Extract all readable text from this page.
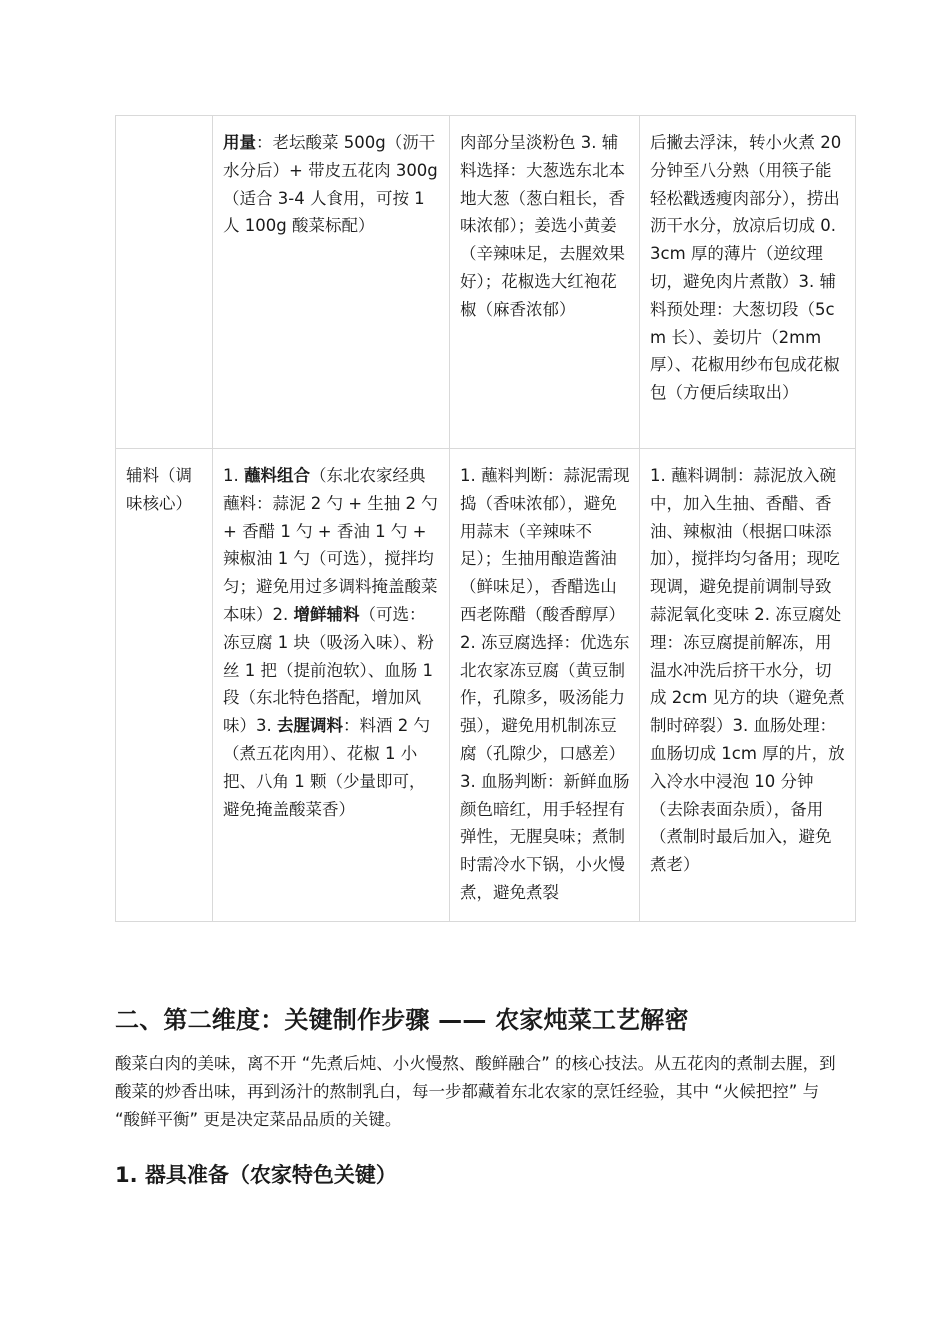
	用量：老坛酸菜 500g（沥干水分后）+ 带皮五花肉 300g（适合 3-4 人食用，可按 1 人 100g 酸菜标配）	肉部分呈淡粉色 3. 辅料选择：大葱选东北本地大葱（葱白粗长，香味浓郁）；姜选小黄姜（辛辣味足，去腥效果好）；花椒选大红袍花椒（麻香浓郁）	后撇去浮沫，转小火煮 20 分钟至八分熟（用筷子能轻松戳透瘦肉部分），捞出沥干水分，放凉后切成 0.3cm 厚的薄片（逆纹理切，避免肉片煮散）3. 辅料预处理：大葱切段（5cm 长）、姜切片（2mm 厚）、花椒用纱布包成花椒包（方便后续取出）
辅料（调味核心）	1. 蘸料组合（东北农家经典蘸料：蒜泥 2 勺 + 生抽 2 勺 + 香醋 1 勺 + 香油 1 勺 + 辣椒油 1 勺（可选），搅拌均匀；避免用过多调料掩盖酸菜本味）2. 增鲜辅料（可选：冻豆腐 1 块（吸汤入味）、粉丝 1 把（提前泡软）、血肠 1 段（东北特色搭配，增加风味）3. 去腥调料：料酒 2 勺（煮五花肉用）、花椒 1 小把、八角 1 颗（少量即可，避免掩盖酸菜香）	1. 蘸料判断：蒜泥需现捣（香味浓郁），避免用蒜末（辛辣味不足）；生抽用酿造酱油（鲜味足），香醋选山西老陈醋（酸香醇厚）2. 冻豆腐选择：优选东北农家冻豆腐（黄豆制作，孔隙多，吸汤能力强），避免用机制冻豆腐（孔隙少，口感差）3. 血肠判断：新鲜血肠颜色暗红，用手轻捏有弹性，无腥臭味；煮制时需冷水下锅，小火慢煮，避免煮裂	1. 蘸料调制：蒜泥放入碗中，加入生抽、香醋、香油、辣椒油（根据口味添加），搅拌均匀备用；现吃现调，避免提前调制导致蒜泥氧化变味 2. 冻豆腐处理：冻豆腐提前解冻，用温水冲洗后挤干水分，切成 2cm 见方的块（避免煮制时碎裂）3. 血肠处理：血肠切成 1cm 厚的片，放入冷水中浸泡 10 分钟（去除表面杂质），备用（煮制时最后加入，避免煮老）
二、第二维度：关键制作步骤 —— 农家炖菜工艺解密

酸菜白肉的美味，离不开 “先煮后炖、小火慢熬、酸鲜融合” 的核心技法。从五花肉的煮制去腥，到酸菜的炒香出味，再到汤汁的熬制乳白，每一步都藏着东北农家的烹饪经验，其中 “火候把控” 与 “酸鲜平衡” 更是决定菜品品质的关键。

1. 器具准备（农家特色关键）
